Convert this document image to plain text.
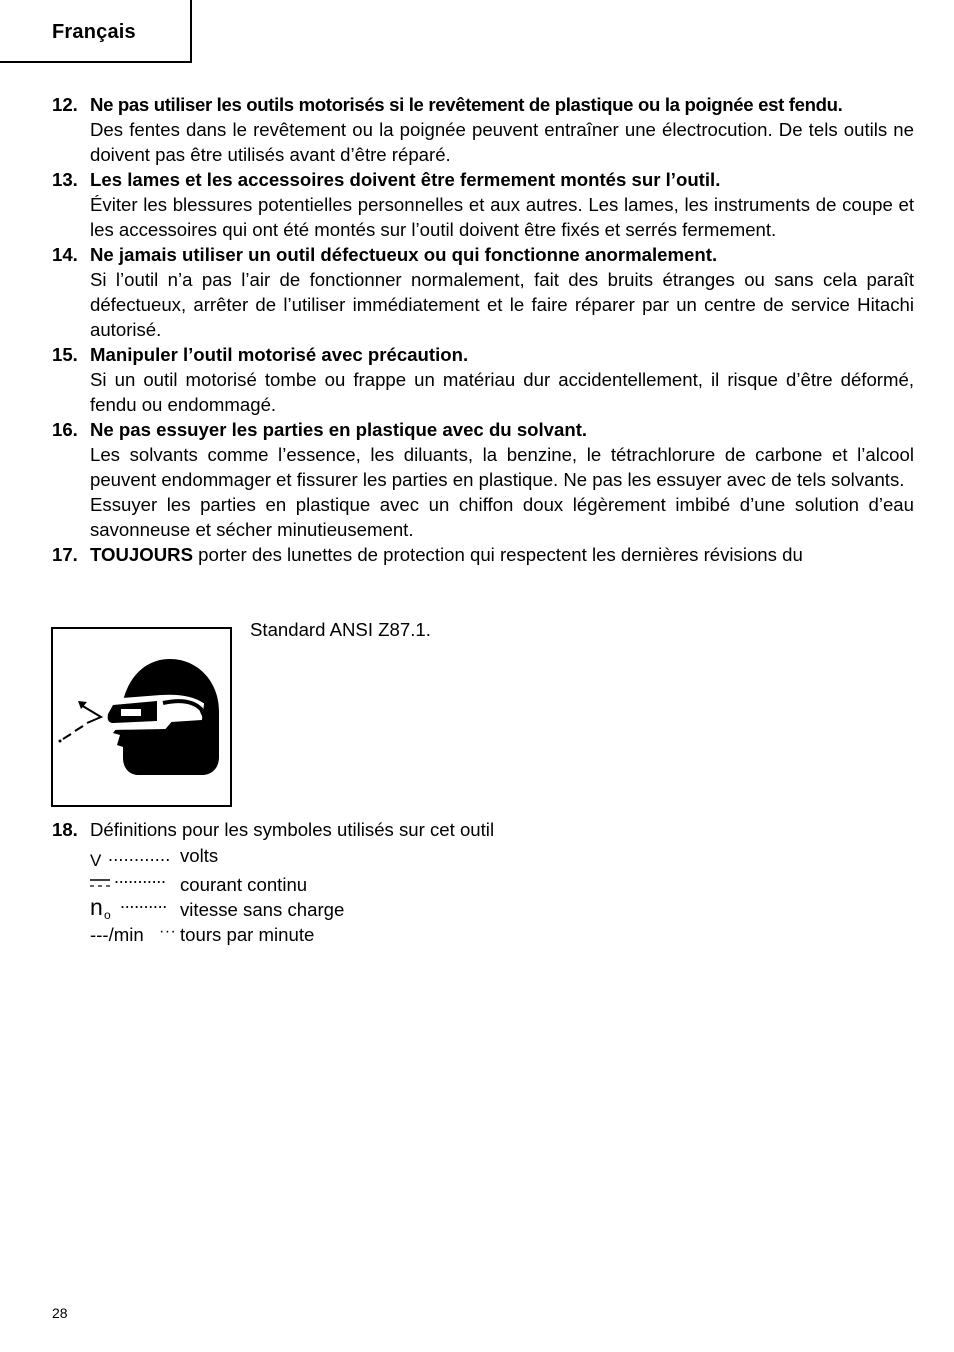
Français
12. Ne pas utiliser les outils motorisés si le revêtement de plastique ou la poignée est fendu.
Des fentes dans le revêtement ou la poignée peuvent entraîner une électrocution. De tels outils ne doivent pas être utilisés avant d’être réparé.
13. Les lames et les accessoires doivent être fermement montés sur l’outil.
Éviter les blessures potentielles personnelles et aux autres. Les lames, les instruments de coupe et les accessoires qui ont été montés sur l’outil doivent être fixés et serrés fermement.
14. Ne jamais utiliser un outil défectueux ou qui fonctionne anormalement.
Si l’outil n’a pas l’air de fonctionner normalement, fait des bruits étranges ou sans cela paraît défectueux, arrêter de l’utiliser immédiatement et le faire réparer par un centre de service Hitachi autorisé.
15. Manipuler l’outil motorisé avec précaution.
Si un outil motorisé tombe ou frappe un matériau dur accidentellement, il risque d’être déformé, fendu ou endommagé.
16. Ne pas essuyer les parties en plastique avec du solvant.
Les solvants comme l’essence, les diluants, la benzine, le tétrachlorure de carbone et l’alcool peuvent endommager et fissurer les parties en plastique. Ne pas les essuyer avec de tels solvants.
Essuyer les parties en plastique avec un chiffon doux légèrement imbibé d’une solution d’eau savonneuse et sécher minutieusement.
17. TOUJOURS porter des lunettes de protection qui respectent les dernières révisions du
Standard ANSI Z87.1.
18. Définitions pour les symboles utilisés sur cet outil
V ............ volts
........... courant continu
n o
.......... vitesse sans charge
---/min ··· tours par minute
28
